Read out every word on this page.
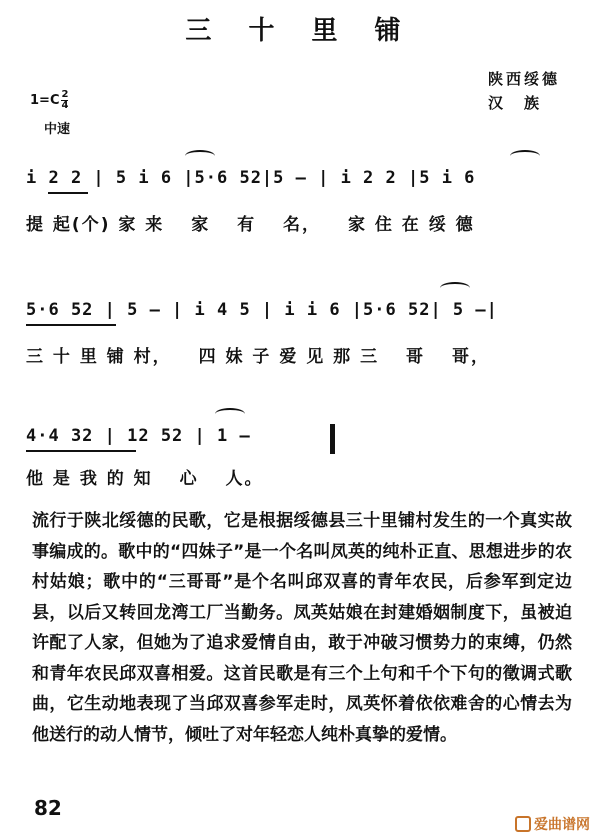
三 十 里 铺
陕西绥德
汉　族
$1=C \frac{2}{4}$
中速
i 2 2 | 5 i 6 |5·6 52|5 — | i 2 2 |5 i 6
提 起(个) 家 来 　家 　有 　名， 　家 住 在 绥 德
5·6 52 | 5 — | i 4 5 | i i 6 |5·6 52| 5 —|
三 十 里 铺 村， 　四 妹 子 爱 见 那 三 　哥 　哥，
4·4 32 | 12 52 | 1 —
他 是 我 的 知 　心 　人。
流行于陕北绥德的民歌，它是根据绥德县三十里铺村发生的一个真实故事编成的。歌中的“四妹子”是一个名叫凤英的纯朴正直、思想进步的农村姑娘；歌中的“三哥哥”是个名叫邱双喜的青年农民，后参军到定边县，以后又转回龙湾工厂当勤务。凤英姑娘在封建婚姻制度下，虽被迫许配了人家，但她为了追求爱情自由，敢于冲破习惯势力的束缚，仍然和青年农民邱双喜相爱。这首民歌是有三个上句和千个下句的徵调式歌曲，它生动地表现了当邱双喜参军走时，凤英怀着依依难舍的心情去为他送行的动人情节，倾吐了对年轻恋人纯朴真挚的爱情。
82
爱曲谱网
